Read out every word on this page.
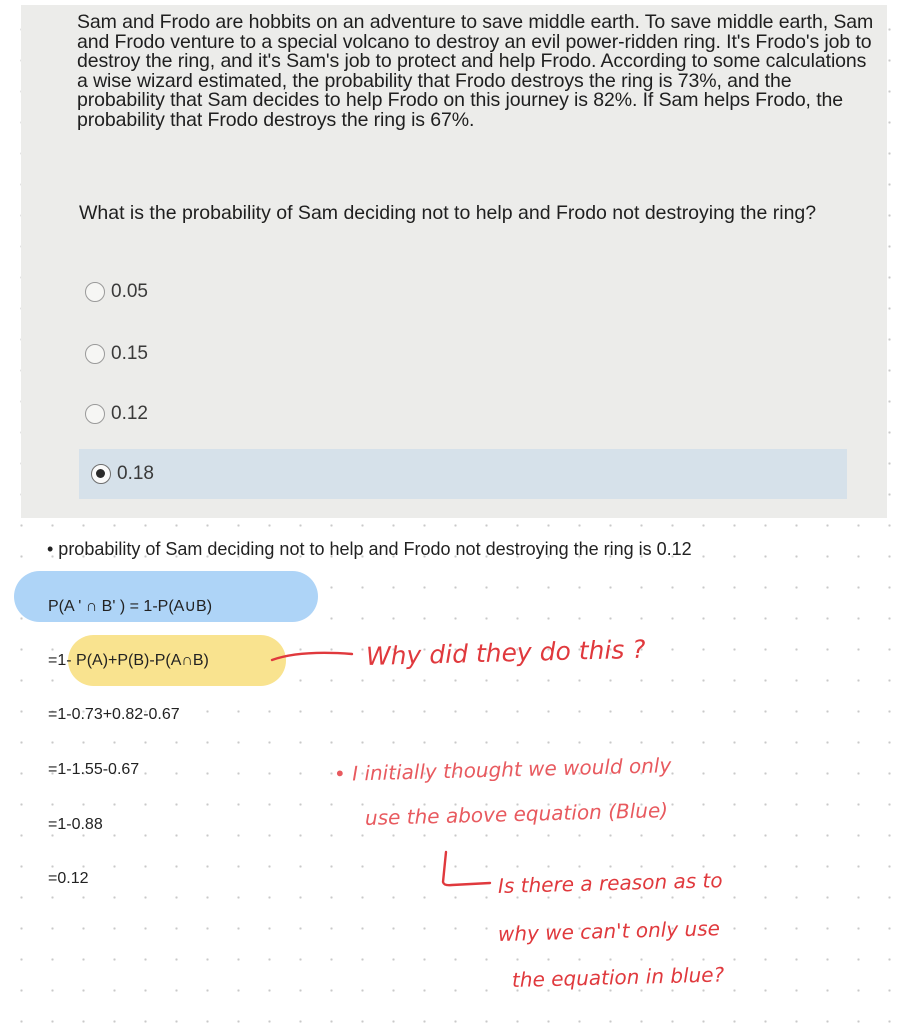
Sam and Frodo are hobbits on an adventure to save middle earth. To save middle earth, Sam and Frodo venture to a special volcano to destroy an evil power-ridden ring. It's Frodo's job to destroy the ring, and it's Sam's job to protect and help Frodo. According to some calculations a wise wizard estimated, the probability that Frodo destroys the ring is 73%, and the probability that Sam decides to help Frodo on this journey is 82%. If Sam helps Frodo, the probability that Frodo destroys the ring is 67%.

What is the probability of Sam deciding not to help and Frodo not destroying the ring?

0.05
0.15
0.12
0.18

• probability of Sam deciding not to help and Frodo not destroying the ring is 0.12

P(A ' ∩ B' ) = 1-P(A∪B)
=1- P(A)+P(B)-P(A∩B)
=1-0.73+0.82-0.67
=1-1.55-0.67
=1-0.88
=0.12
Why did they do this ?
• I initially thought we would only
use the above equation (Blue)
Is there a reason as to
why we can't only use
the equation in blue?
